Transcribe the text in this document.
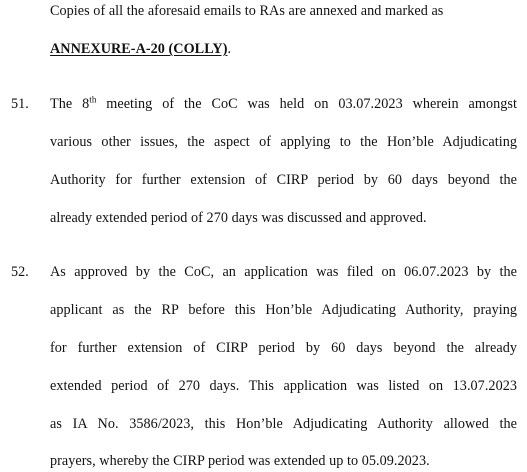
Copies of all the aforesaid emails to RAs are annexed and marked as
ANNEXURE-A-20 (COLLY).
51. The 8th meeting of the CoC was held on 03.07.2023 wherein amongst
various other issues, the aspect of applying to the Hon’ble Adjudicating
Authority for further extension of CIRP period by 60 days beyond the
already extended period of 270 days was discussed and approved.
52. As approved by the CoC, an application was filed on 06.07.2023 by the
applicant as the RP before this Hon’ble Adjudicating Authority, praying
for further extension of CIRP period by 60 days beyond the already
extended period of 270 days. This application was listed on 13.07.2023
as IA No. 3586/2023, this Hon’ble Adjudicating Authority allowed the
prayers, whereby the CIRP period was extended up to 05.09.2023.
